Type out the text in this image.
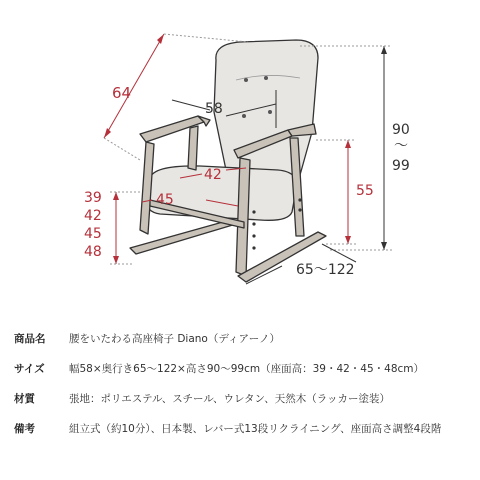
64
58
42
45
39
42
45
48
55
90
～
99
65～122
商品名	腰をいたわる高座椅子 Diano（ディアーノ）
サイズ	幅58×奥行き65～122×高さ90～99cm（座面高：39・42・45・48cm）
材質	張地：ポリエステル、スチール、ウレタン、天然木（ラッカー塗装）
備考	組立式（約10分）、日本製、レバー式13段リクライニング、座面高さ調整4段階
